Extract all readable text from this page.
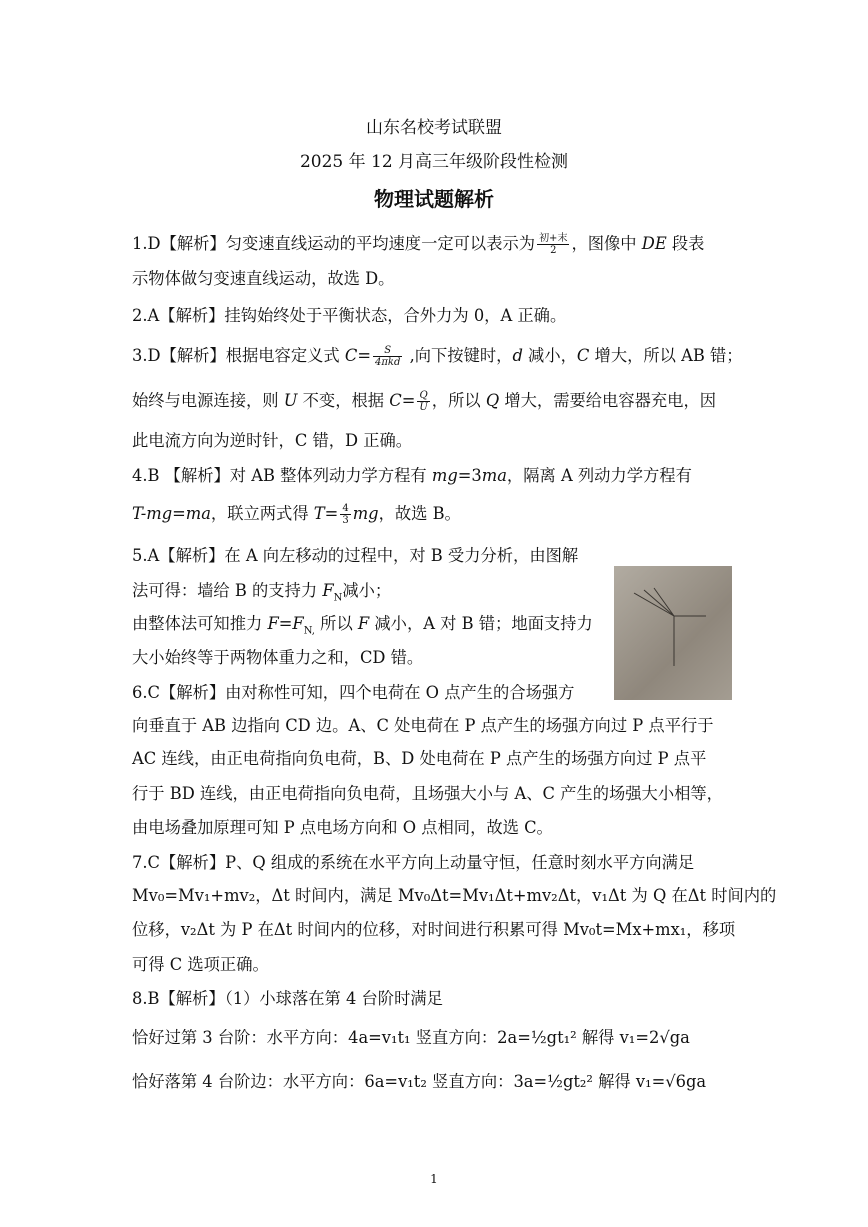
山东名校考试联盟
2025 年 12 月高三年级阶段性检测
物理试题解析
1.D【解析】匀变速直线运动的平均速度一定可以表示为 $\frac{\text{初+末}}{2}$ ，图像中 DE 段表
示物体做匀变速直线运动，故选 D。
2.A【解析】挂钩始终处于平衡状态，合外力为 0，A 正确。
3.D【解析】根据电容定义式 $C= \frac{S}{\text{4πkd}}$ ,向下按键时，d 减小，C 增大，所以 AB 错；
始终与电源连接，则 U 不变，根据 $C= \frac{Q}{U}$ ，所以 Q 增大，需要给电容器充电，因
此电流方向为逆时针，C 错，D 正确。
4.B 【解析】对 AB 整体列动力学方程有 mg=3ma，隔离 A 列动力学方程有
T-mg=ma，联立两式得 $T= \frac{4}{3}$ mg，故选 B。
5.A【解析】在 A 向左移动的过程中，对 B 受力分析，由图解
法可得：墙给 B 的支持力 $F_N$减小；
由整体法可知推力 $F=F_{N,}$ 所以 F 减小，A 对 B 错；地面支持力
大小始终等于两物体重力之和，CD 错。
6.C【解析】由对称性可知，四个电荷在 O 点产生的合场强方
向垂直于 AB 边指向 CD 边。A、C 处电荷在 P 点产生的场强方向过 P 点平行于
AC 连线，由正电荷指向负电荷，B、D 处电荷在 P 点产生的场强方向过 P 点平
行于 BD 连线，由正电荷指向负电荷，且场强大小与 A、C 产生的场强大小相等，
由电场叠加原理可知 P 点电场方向和 O 点相同，故选 C。
7.C【解析】P、Q 组成的系统在水平方向上动量守恒，任意时刻水平方向满足
Mv₀=Mv₁+mv₂，Δt 时间内，满足 Mv₀Δt=Mv₁Δt+mv₂Δt，v₁Δt 为 Q 在Δt 时间内的
位移，v₂Δt 为 P 在Δt 时间内的位移，对时间进行积累可得 Mv₀t=Mx+mx₁，移项
可得 C 选项正确。
8.B【解析】（1）小球落在第 4 台阶时满足
恰好过第 3 台阶：水平方向：4a=v₁t₁ 竖直方向：2a=½gt₁² 解得 v₁=2√ga
恰好落第 4 台阶边：水平方向：6a=v₁t₂ 竖直方向：3a=½gt₂² 解得 v₁=√6ga
1
